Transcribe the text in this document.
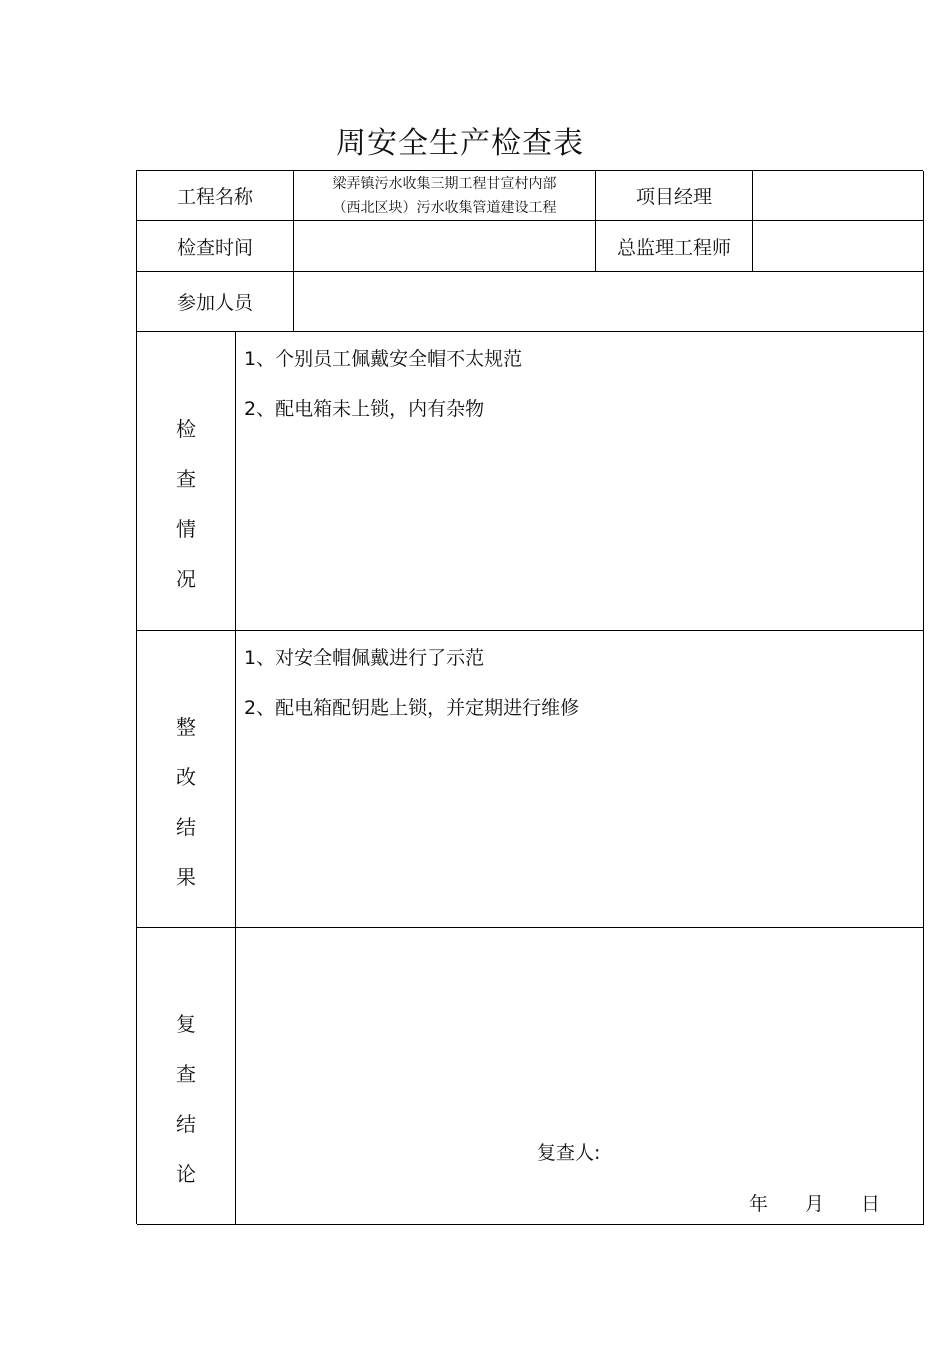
周安全生产检查表
工程名称
梁弄镇污水收集三期工程甘宣村内部
（西北区块）污水收集管道建设工程	项目经理
检查时间	总监理工程师
参加人员
检
查
情
况
1、个别员工佩戴安全帽不太规范
2、配电箱未上锁，内有杂物
整
改
结
果
1、对安全帽佩戴进行了示范
2、配电箱配钥匙上锁，并定期进行维修
复
查
结
论
复查人:
年 月 日
